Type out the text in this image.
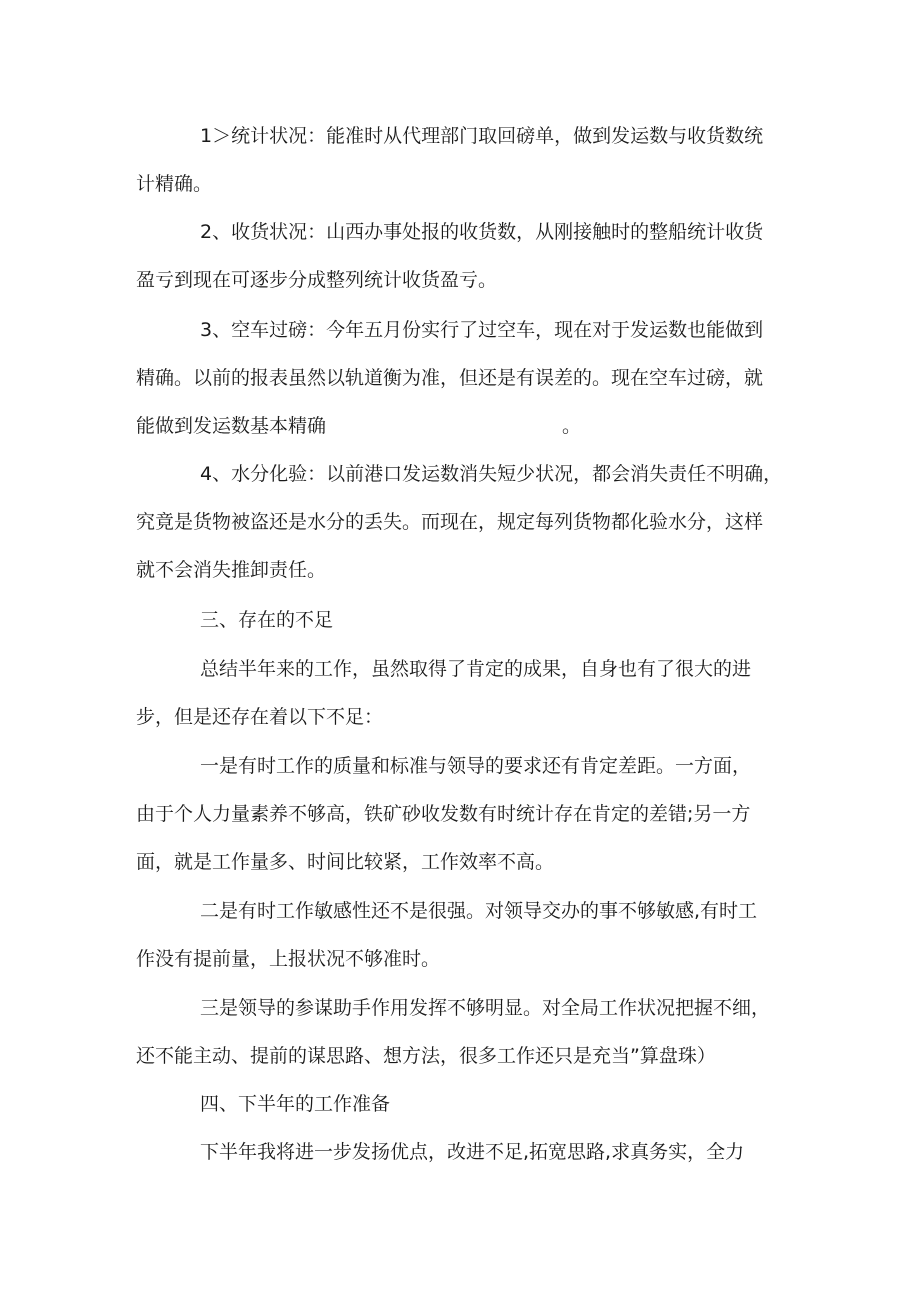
1＞统计状况：能准时从代理部门取回磅单，做到发运数与收货数统
计精确。

2、收货状况：山西办事处报的收货数，从刚接触时的整船统计收货
盈亏到现在可逐步分成整列统计收货盈亏。

3、空车过磅：今年五月份实行了过空车，现在对于发运数也能做到
精确。以前的报表虽然以轨道衡为准，但还是有误差的。现在空车过磅，就
能做到发运数基本精确	。

4、水分化验：以前港口发运数消失短少状况，都会消失责任不明确，
究竟是货物被盗还是水分的丢失。而现在，规定每列货物都化验水分，这样
就不会消失推卸责任。

三、存在的不足

总结半年来的工作，虽然取得了肯定的成果，自身也有了很大的进
步，但是还存在着以下不足：

一是有时工作的质量和标准与领导的要求还有肯定差距。一方面，
由于个人力量素养不够高，铁矿砂收发数有时统计存在肯定的差错;另一方
面，就是工作量多、时间比较紧，工作效率不高。

二是有时工作敏感性还不是很强。对领导交办的事不够敏感,有时工
作没有提前量，上报状况不够准时。

三是领导的参谋助手作用发挥不够明显。对全局工作状况把握不细，
还不能主动、提前的谋思路、想方法，很多工作还只是充当”算盘珠）

四、下半年的工作准备

下半年我将进一步发扬优点，改进不足,拓宽思路,求真务实，全力
